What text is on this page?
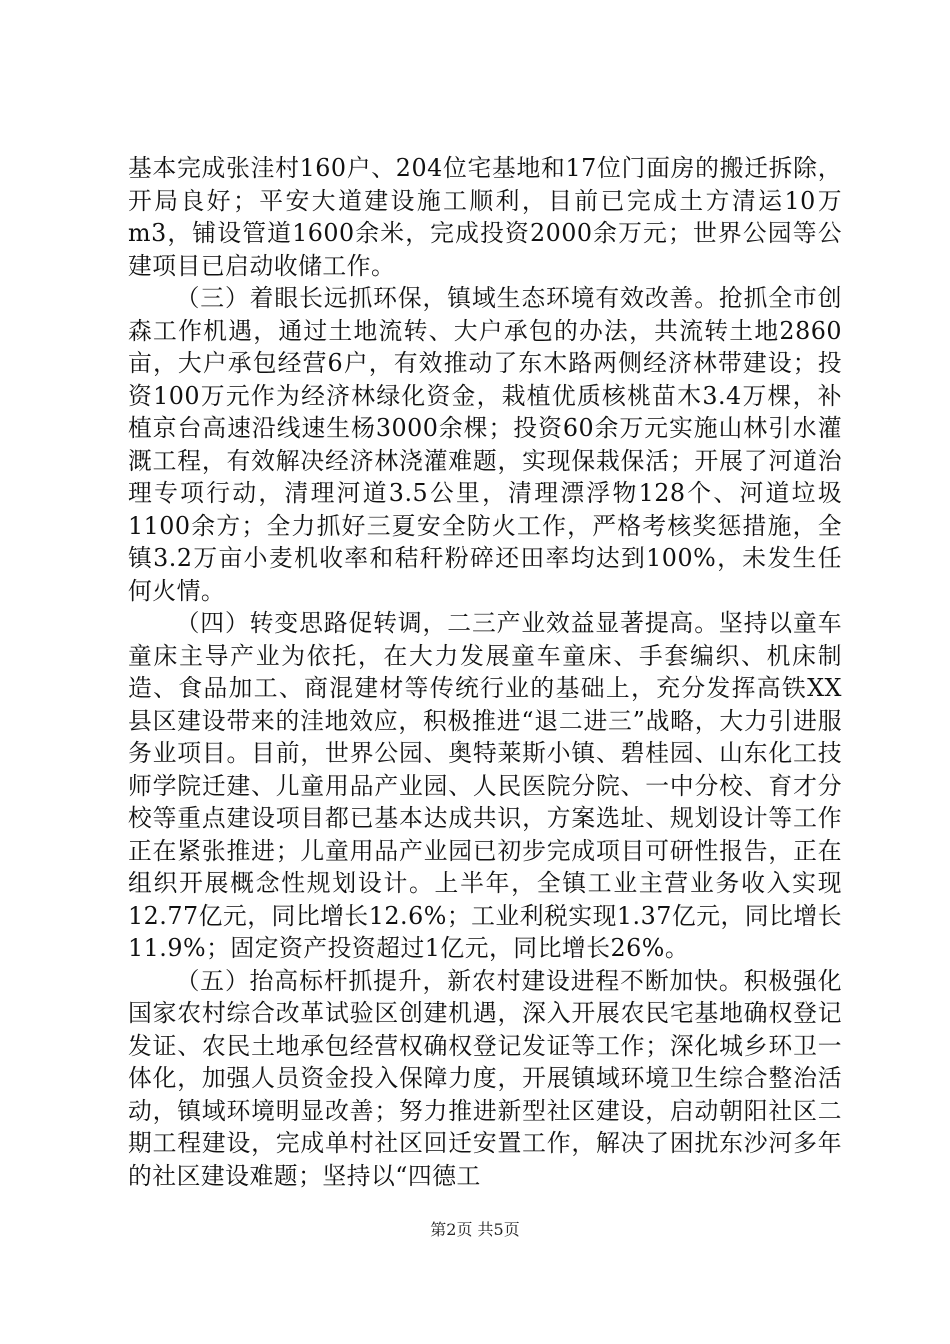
基本完成张洼村160户、204位宅基地和17位门面房的搬迁拆除，开局良好；平安大道建设施工顺利，目前已完成土方清运10万m3，铺设管道1600余米，完成投资2000余万元；世界公园等公建项目已启动收储工作。

（三）着眼长远抓环保，镇域生态环境有效改善。抢抓全市创森工作机遇，通过土地流转、大户承包的办法，共流转土地2860亩，大户承包经营6户，有效推动了东木路两侧经济林带建设；投资100万元作为经济林绿化资金，栽植优质核桃苗木3.4万棵，补植京台高速沿线速生杨3000余棵；投资60余万元实施山林引水灌溉工程，有效解决经济林浇灌难题，实现保栽保活；开展了河道治理专项行动，清理河道3.5公里，清理漂浮物128个、河道垃圾1100余方；全力抓好三夏安全防火工作，严格考核奖惩措施，全镇3.2万亩小麦机收率和秸秆粉碎还田率均达到100%，未发生任何火情。

（四）转变思路促转调，二三产业效益显著提高。坚持以童车童床主导产业为依托，在大力发展童车童床、手套编织、机床制造、食品加工、商混建材等传统行业的基础上，充分发挥高铁XX县区建设带来的洼地效应，积极推进“退二进三”战略，大力引进服务业项目。目前，世界公园、奥特莱斯小镇、碧桂园、山东化工技师学院迁建、儿童用品产业园、人民医院分院、一中分校、育才分校等重点建设项目都已基本达成共识，方案选址、规划设计等工作正在紧张推进；儿童用品产业园已初步完成项目可研性报告，正在组织开展概念性规划设计。上半年，全镇工业主营业务收入实现12.77亿元，同比增长12.6%；工业利税实现1.37亿元，同比增长11.9%；固定资产投资超过1亿元，同比增长26%。

（五）抬高标杆抓提升，新农村建设进程不断加快。积极强化国家农村综合改革试验区创建机遇，深入开展农民宅基地确权登记发证、农民土地承包经营权确权登记发证等工作；深化城乡环卫一体化，加强人员资金投入保障力度，开展镇域环境卫生综合整治活动，镇域环境明显改善；努力推进新型社区建设，启动朝阳社区二期工程建设，完成单村社区回迁安置工作，解决了困扰东沙河多年的社区建设难题；坚持以“四德工

第2页 共5页
